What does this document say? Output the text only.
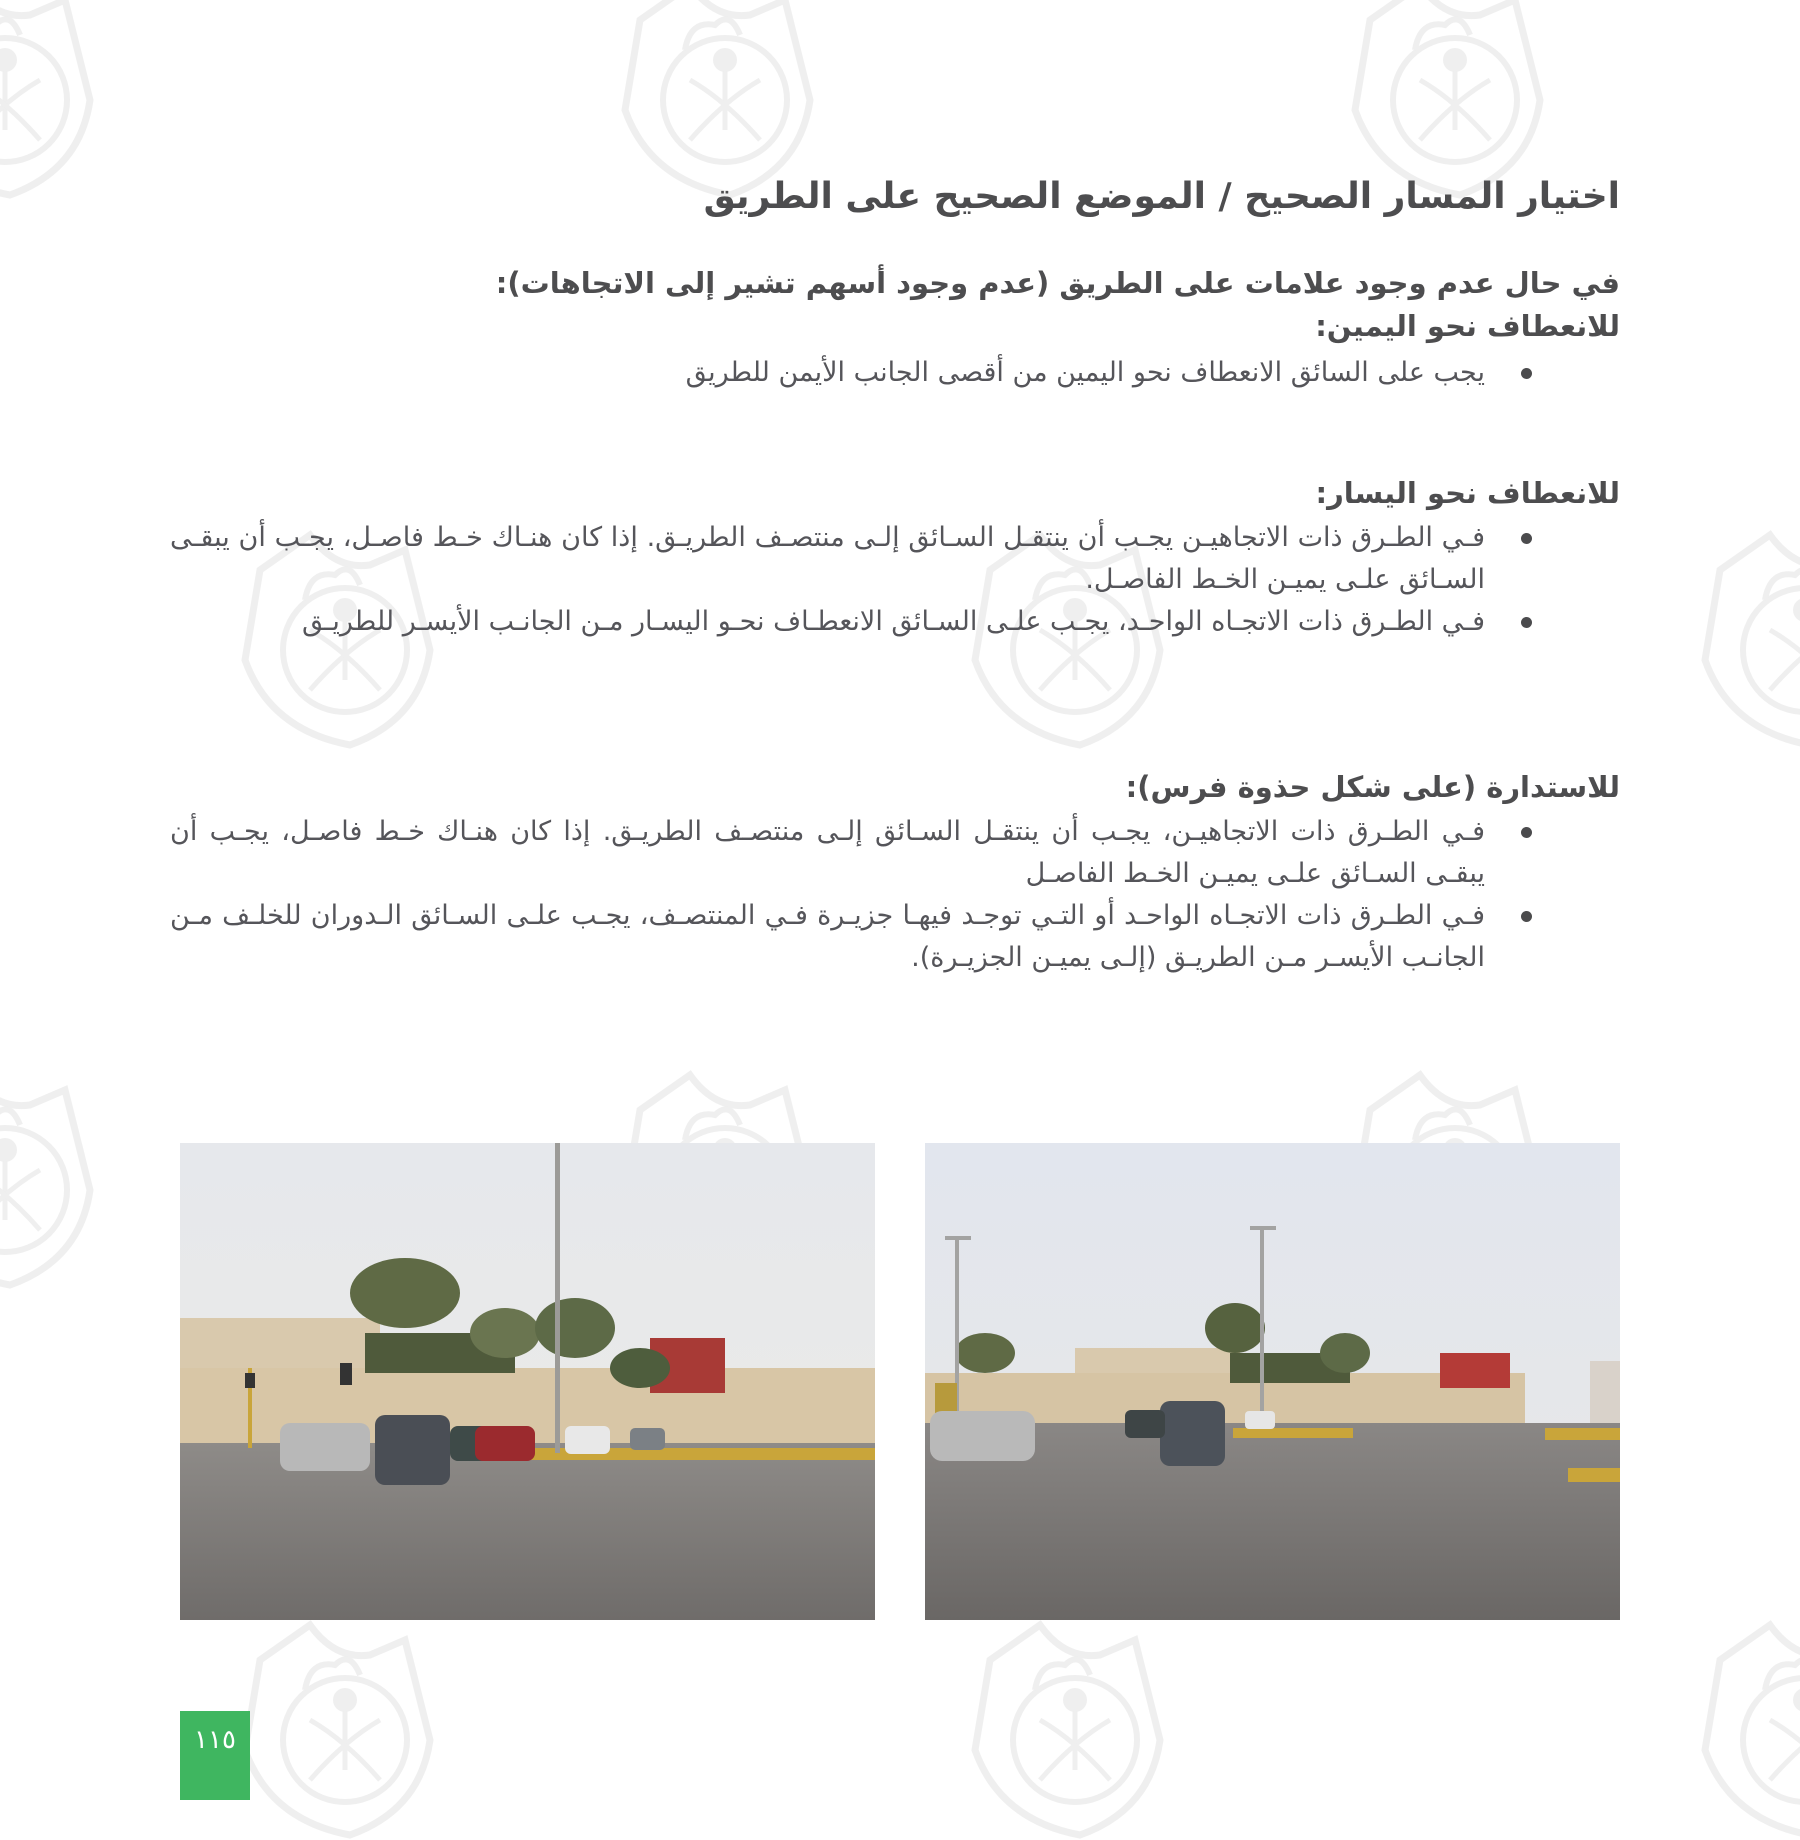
اختيار المسار الصحيح / الموضع الصحيح على الطريق
في حال عدم وجود علامات على الطريق (عدم وجود أسهم تشير إلى الاتجاهات):
للانعطاف نحو اليمين:
يجب على السائق الانعطاف نحو اليمين من أقصى الجانب الأيمن للطريق
للانعطاف نحو اليسار:
فـي الطـرق ذات الاتجاهيـن يجـب أن ينتقـل السـائق إلـى منتصـف الطريـق. إذا كان هنـاك خـط فاصـل، يجـب أن يبقـى السـائق علـى يميـن الخـط الفاصـل.
فـي الطـرق ذات الاتجـاه الواحـد، يجـب علـى السـائق الانعطـاف نحـو اليسـار مـن الجانـب الأيسـر للطريـق
للاستدارة (على شكل حذوة فرس):
فـي الطـرق ذات الاتجاهيـن، يجـب أن ينتقـل السـائق إلـى منتصـف الطريـق. إذا كان هنـاك خـط فاصـل، يجـب أن يبقـى السـائق علـى يميـن الخـط الفاصـل
فـي الطـرق ذات الاتجـاه الواحـد أو التـي توجـد فيهـا جزيـرة فـي المنتصـف، يجـب علـى السـائق الـدوران للخلـف مـن الجانـب الأيسـر مـن الطريـق (إلـى يميـن الجزيـرة).
١١٥
